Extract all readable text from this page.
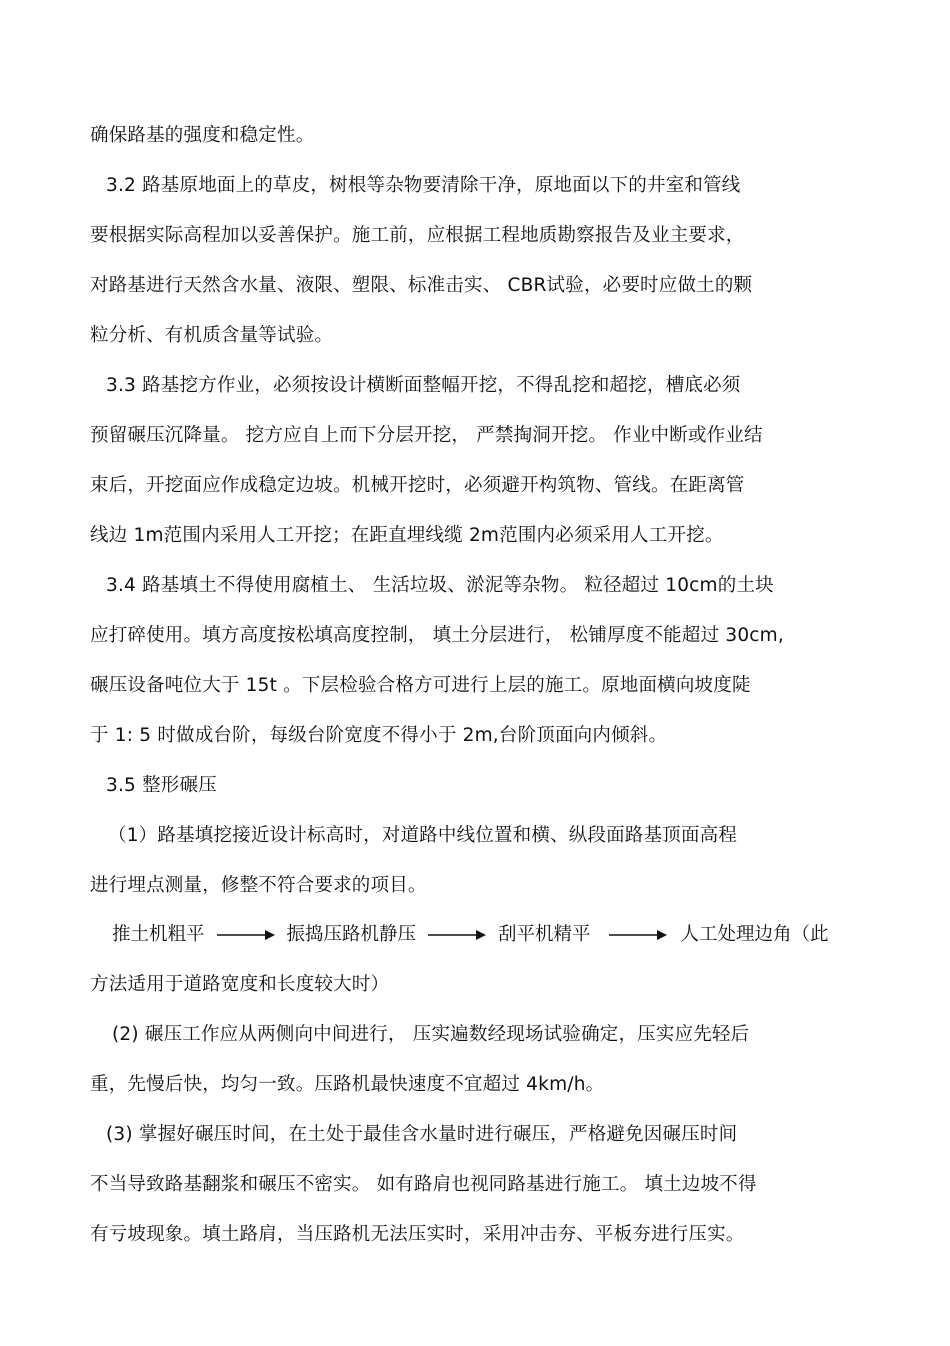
确保路基的强度和稳定性。
3.2 路基原地面上的草皮，树根等杂物要清除干净，原地面以下的井室和管线
要根据实际高程加以妥善保护。施工前，应根据工程地质勘察报告及业主要求，
对路基进行天然含水量、液限、塑限、标准击实、 CBR试验，必要时应做土的颗
粒分析、有机质含量等试验。
3.3 路基挖方作业，必须按设计横断面整幅开挖，不得乱挖和超挖，槽底必须
预留碾压沉降量。 挖方应自上而下分层开挖， 严禁掏洞开挖。 作业中断或作业结
束后，开挖面应作成稳定边坡。机械开挖时，必须避开构筑物、管线。在距离管
线边 1m范围内采用人工开挖；在距直埋线缆 2m范围内必须采用人工开挖。
3.4 路基填土不得使用腐植土、 生活垃圾、淤泥等杂物。 粒径超过 10cm的土块
应打碎使用。填方高度按松填高度控制， 填土分层进行， 松铺厚度不能超过 30cm,
碾压设备吨位大于 15t 。下层检验合格方可进行上层的施工。原地面横向坡度陡
于 1: 5 时做成台阶，每级台阶宽度不得小于 2m,台阶顶面向内倾斜。
3.5 整形碾压
（1）路基填挖接近设计标高时，对道路中线位置和横、纵段面路基顶面高程
进行埋点测量，修整不符合要求的项目。
推土机粗平	振捣压路机静压	刮平机精平	人工处理边角（此
方法适用于道路宽度和长度较大时）
(2) 碾压工作应从两侧向中间进行， 压实遍数经现场试验确定，压实应先轻后
重，先慢后快，均匀一致。压路机最快速度不宜超过 4km/h。
(3) 掌握好碾压时间，在土处于最佳含水量时进行碾压，严格避免因碾压时间
不当导致路基翻浆和碾压不密实。 如有路肩也视同路基进行施工。 填土边坡不得
有亏坡现象。填土路肩，当压路机无法压实时，采用冲击夯、平板夯进行压实。
